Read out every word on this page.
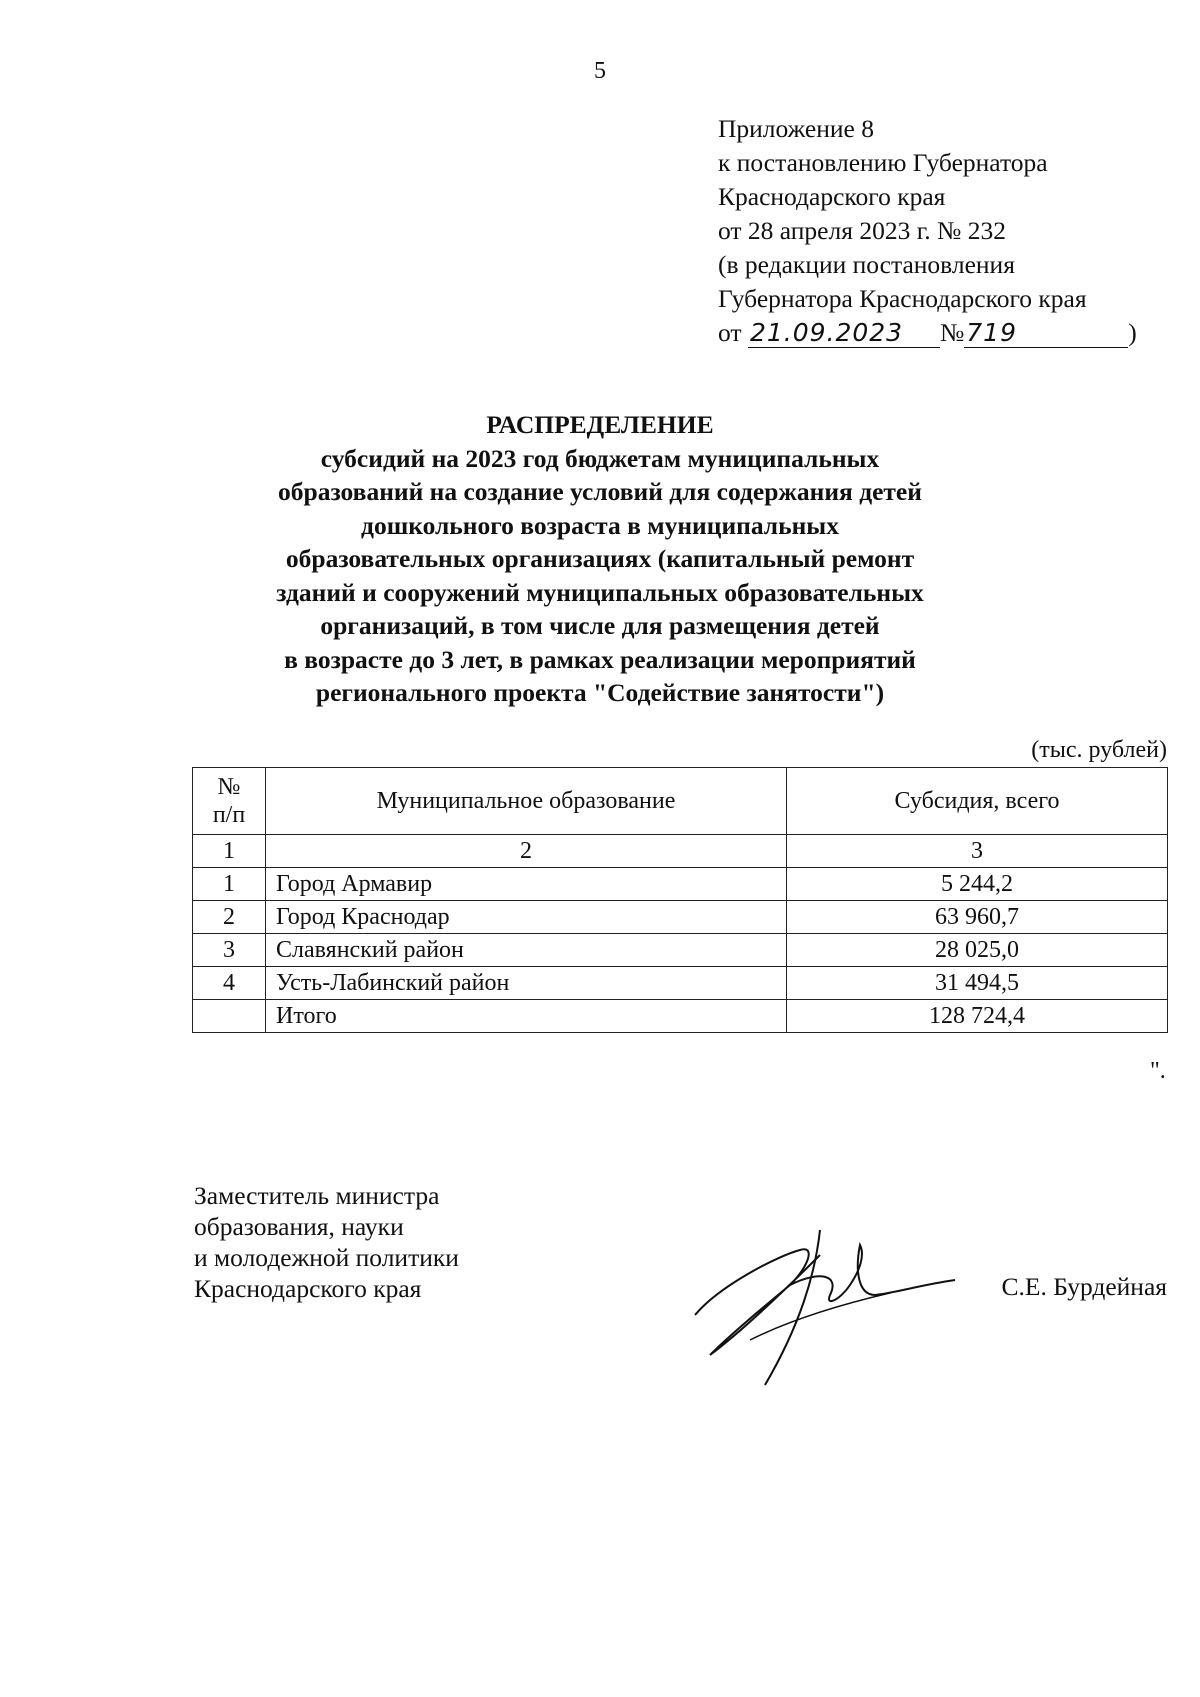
5
Приложение 8
к постановлению Губернатора
Краснодарского края
от 28 апреля 2023 г. № 232
(в редакции постановления
Губернатора Краснодарского края
от 21.09.2023 №719	)
РАСПРЕДЕЛЕНИЕ
субсидий на 2023 год бюджетам муниципальных
образований на создание условий для содержания детей
дошкольного возраста в муниципальных
образовательных организациях (капитальный ремонт
зданий и сооружений муниципальных образовательных
организаций, в том числе для размещения детей
в возрасте до 3 лет, в рамках реализации мероприятий
регионального проекта "Содействие занятости")
(тыс. рублей)
№
п/п	Муниципальное образование	Субсидия, всего
1	2	3
1	Город Армавир	5 244,2
2	Город Краснодар	63 960,7
3	Славянский район	28 025,0
4	Усть-Лабинский район	31 494,5
	Итого	128 724,4
".
Заместитель министра
образования, науки
и молодежной политики
Краснодарского края	С.Е. Бурдейная
